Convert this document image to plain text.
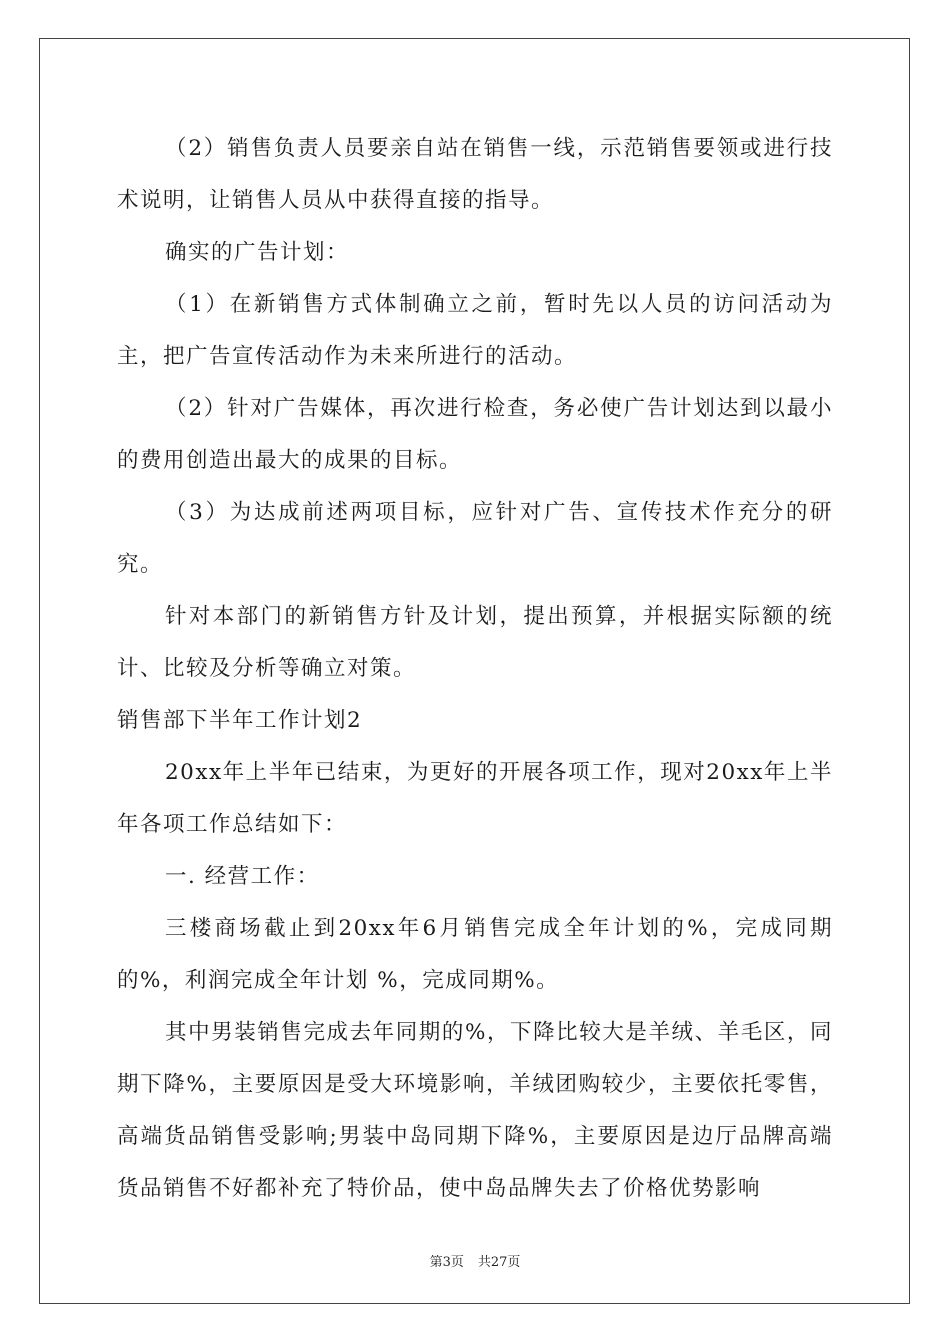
（2）销售负责人员要亲自站在销售一线，示范销售要领或进行技术说明，让销售人员从中获得直接的指导。

确实的广告计划：

（1）在新销售方式体制确立之前，暂时先以人员的访问活动为主，把广告宣传活动作为未来所进行的活动。

（2）针对广告媒体，再次进行检查，务必使广告计划达到以最小的费用创造出最大的成果的目标。

（3）为达成前述两项目标，应针对广告、宣传技术作充分的研究。

针对本部门的新销售方针及计划，提出预算，并根据实际额的统计、比较及分析等确立对策。

销售部下半年工作计划2

20xx年上半年已结束，为更好的开展各项工作，现对20xx年上半年各项工作总结如下：

一. 经营工作：

三楼商场截止到20xx年6月销售完成全年计划的%，完成同期的%，利润完成全年计划 %，完成同期%。

其中男装销售完成去年同期的%，下降比较大是羊绒、羊毛区，同期下降%，主要原因是受大环境影响，羊绒团购较少，主要依托零售，高端货品销售受影响;男装中岛同期下降%，主要原因是边厅品牌高端货品销售不好都补充了特价品，使中岛品牌失去了价格优势影响

第3页 共27页
